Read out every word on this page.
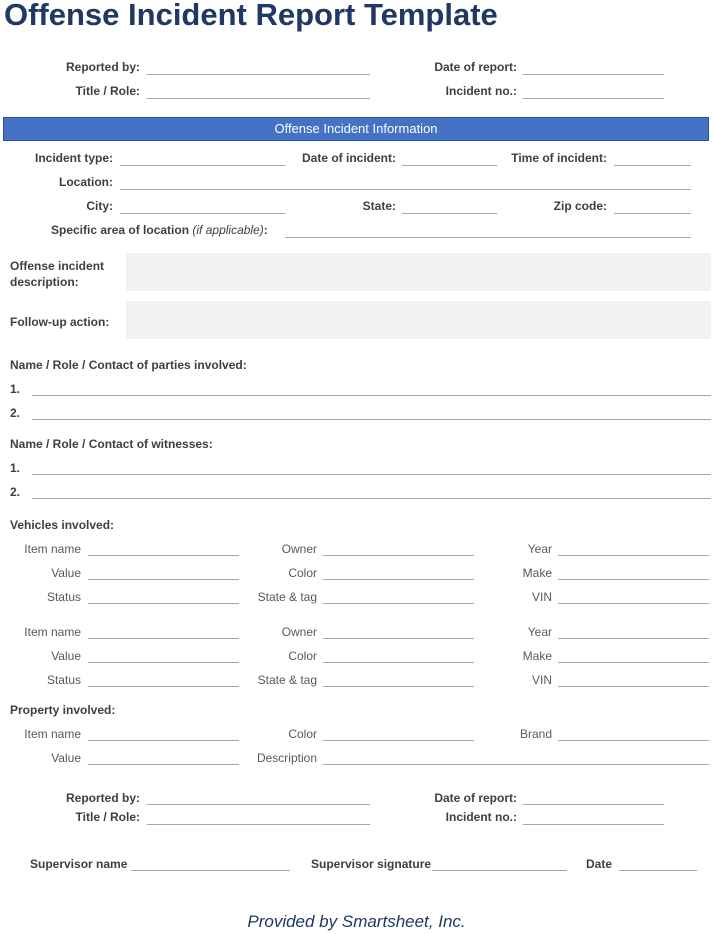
Offense Incident Report Template
Reported by:
Title / Role:
Date of report:
Incident no.:
Offense Incident Information
Incident type:	Date of incident:	Time of incident:
Location:
City:	State:	Zip code:
Specific area of location (if applicable):
Offense incident
description:
Follow-up action:
Name / Role / Contact of parties involved:
1.
2.
Name / Role / Contact of witnesses:
1.
2.
Vehicles involved:
Item name	Owner	Year
Value	Color	Make
Status	State & tag	VIN
Item name	Owner	Year
Value	Color	Make
Status	State & tag	VIN
Property involved:
Item name	Color	Brand
Value	Description
Reported by:
Title / Role:
Date of report:
Incident no.:
Supervisor name	Supervisor signature	Date
Provided by Smartsheet, Inc.
